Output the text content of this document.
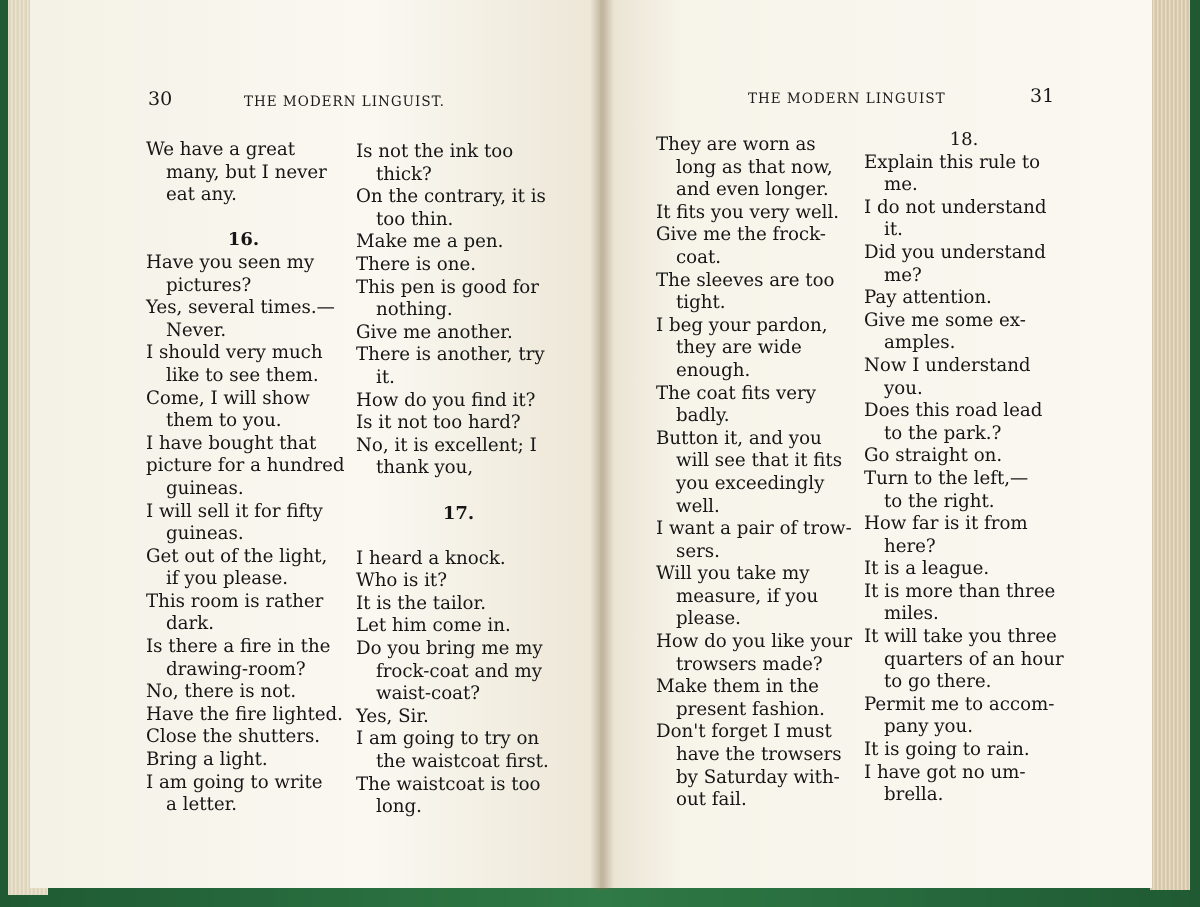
30	THE MODERN LINGUIST.	THE MODERN LINGUIST	31
We have a great
many, but I never
eat any.
16.
Have you seen my
pictures?
Yes, several times.—
Never.
I should very much
like to see them.
Come, I will show
them to you.
I have bought that
picture for a hundred
guineas.
I will sell it for fifty
guineas.
Get out of the light,
if you please.
This room is rather
dark.
Is there a fire in the
drawing-room?
No, there is not.
Have the fire lighted.
Close the shutters.
Bring a light.
I am going to write
a letter.
Is not the ink too
thick?
On the contrary, it is
too thin.
Make me a pen.
There is one.
This pen is good for
nothing.
Give me another.
There is another, try
it.
How do you find it?
Is it not too hard?
No, it is excellent; I
thank you,
17.
I heard a knock.
Who is it?
It is the tailor.
Let him come in.
Do you bring me my
frock-coat and my
waist-coat?
Yes, Sir.
I am going to try on
the waistcoat first.
The waistcoat is too
long.
They are worn as
long as that now,
and even longer.
It fits you very well.
Give me the frock-
coat.
The sleeves are too
tight.
I beg your pardon,
they are wide
enough.
The coat fits very
badly.
Button it, and you
will see that it fits
you exceedingly
well.
I want a pair of trow-
sers.
Will you take my
measure, if you
please.
How do you like your
trowsers made?
Make them in the
present fashion.
Don't forget I must
have the trowsers
by Saturday with-
out fail.
18.
Explain this rule to
me.
I do not understand
it.
Did you understand
me?
Pay attention.
Give me some ex-
amples.
Now I understand
you.
Does this road lead
to the park.?
Go straight on.
Turn to the left,—
to the right.
How far is it from
here?
It is a league.
It is more than three
miles.
It will take you three
quarters of an hour
to go there.
Permit me to accom-
pany you.
It is going to rain.
I have got no um-
brella.
